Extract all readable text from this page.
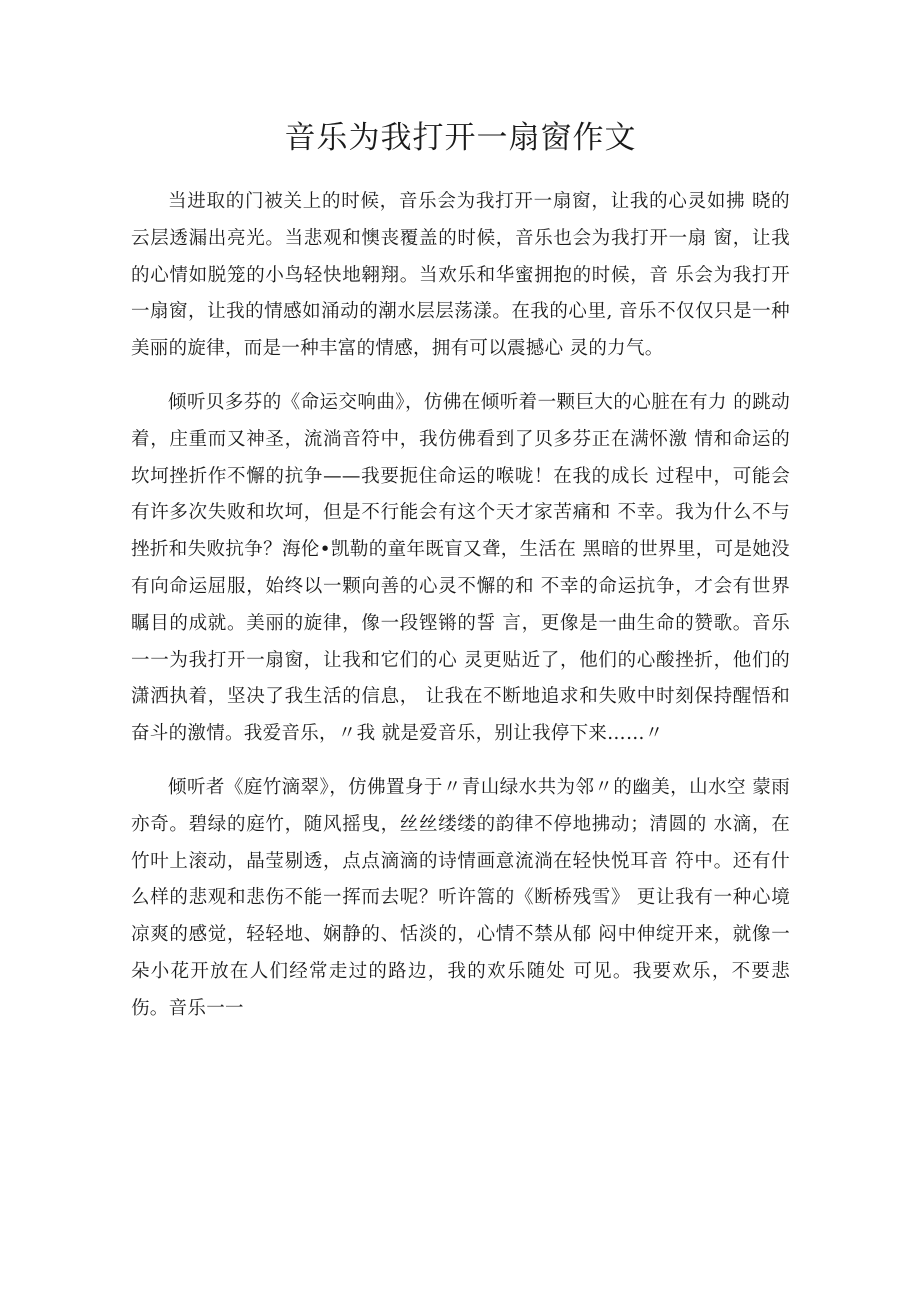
音乐为我打开一扇窗作文

当进取的门被关上的时候，音乐会为我打开一扇窗，让我的心灵如拂 晓的云层透漏出亮光。当悲观和懊丧覆盖的时候，音乐也会为我打开一扇 窗，让我的心情如脱笼的小鸟轻快地翱翔。当欢乐和华蜜拥抱的时候，音 乐会为我打开一扇窗，让我的情感如涌动的潮水层层荡漾。在我的心里, 音乐不仅仅只是一种美丽的旋律，而是一种丰富的情感，拥有可以震撼心 灵的力气。

倾听贝多芬的《命运交响曲》，仿佛在倾听着一颗巨大的心脏在有力 的跳动着，庄重而又神圣，流淌音符中，我仿佛看到了贝多芬正在满怀激 情和命运的坎坷挫折作不懈的抗争——我要扼住命运的喉咙！在我的成长 过程中，可能会有许多次失败和坎坷，但是不行能会有这个天才家苦痛和 不幸。我为什么不与挫折和失败抗争？海伦•凯勒的童年既盲又聋，生活在 黑暗的世界里，可是她没有向命运屈服，始终以一颗向善的心灵不懈的和 不幸的命运抗争，才会有世界瞩目的成就。美丽的旋律，像一段铿锵的誓 言，更像是一曲生命的赞歌。音乐一一为我打开一扇窗，让我和它们的心 灵更贴近了，他们的心酸挫折，他们的潇洒执着，坚决了我生活的信息， 让我在不断地追求和失败中时刻保持醒悟和奋斗的激情。我爱音乐，〃我 就是爱音乐，别让我停下来……〃

倾听者《庭竹滴翠》，仿佛置身于〃青山绿水共为邻〃的幽美，山水空 蒙雨亦奇。碧绿的庭竹，随风摇曳，丝丝缕缕的韵律不停地拂动；清圆的 水滴，在竹叶上滚动，晶莹剔透，点点滴滴的诗情画意流淌在轻快悦耳音 符中。还有什么样的悲观和悲伤不能一挥而去呢？听许篙的《断桥残雪》 更让我有一种心境凉爽的感觉，轻轻地、娴静的、恬淡的，心情不禁从郁 闷中伸绽开来，就像一朵小花开放在人们经常走过的路边，我的欢乐随处 可见。我要欢乐，不要悲伤。音乐一一
